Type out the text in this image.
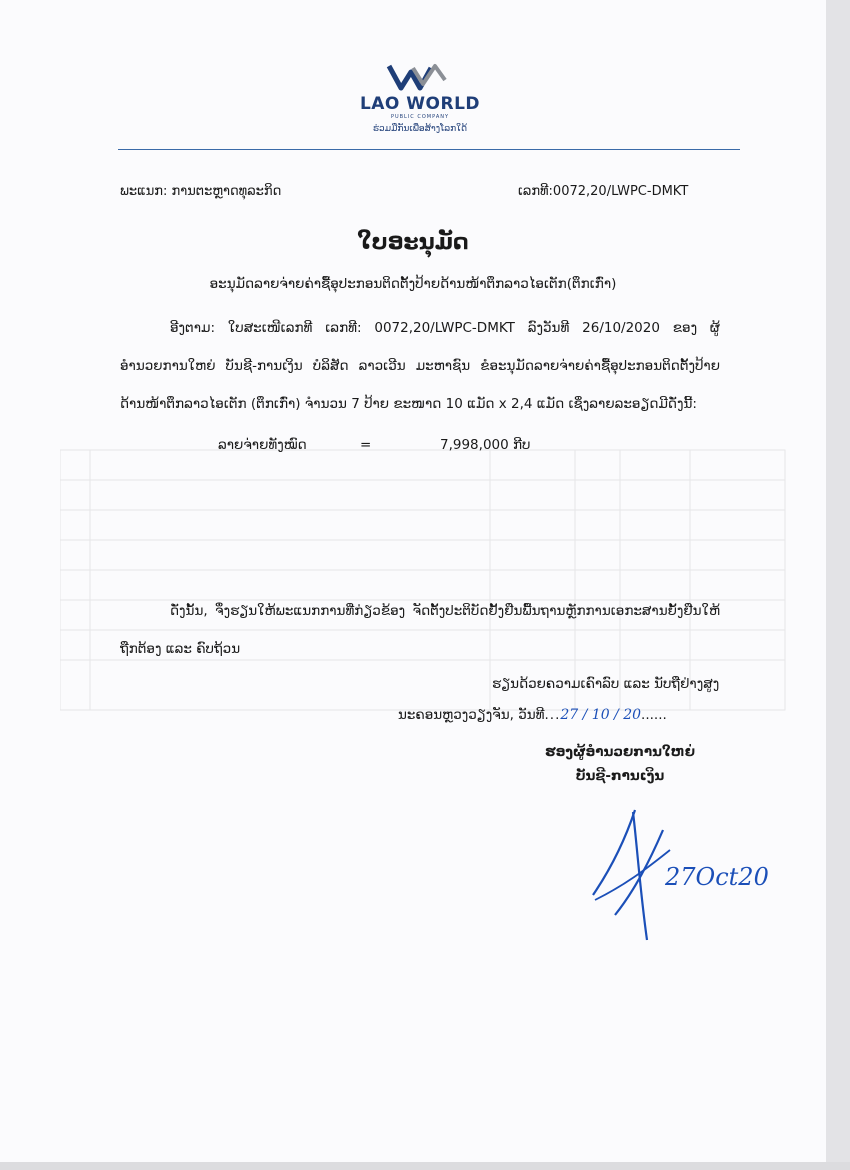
LAO WORLD
PUBLIC COMPANY
ຮ່ວມມືກັນເພື່ອສ້າງໂລກໃດ້
ພະແນກ: ການຕະຫຼາດທຸລະກິດ	ເລກທີ:0072,20/LWPC-DMKT
ໃບອະນຸມັດ
ອະນຸມັດລາຍຈ່າຍຄ່າຊື້ອຸປະກອນຕິດຕັ້ງປ້າຍດ້ານໜ້າຕຶກລາວໄອເຕັກ(ຕຶກເກົ່າ)
ອີງຕາມ: ໃບສະເໜີເລກທີ ເລກທີ: 0072,20/LWPC-DMKT ລົງວັນທີ 26/10/2020 ຂອງ ຜູ້ອຳນວຍການໃຫຍ່ ບັນຊີ-ການເງິນ ບໍລິສັດ ລາວເວີນ ມະຫາຊົນ ຂໍອະນຸມັດລາຍຈ່າຍຄ່າຊື້ອຸປະກອນຕິດຕັ້ງປ້າຍ ດ້ານໜ້າຕຶກລາວໄອເຕັກ (ຕຶກເກົ່າ) ຈໍານວນ 7 ປ້າຍ ຂະໜາດ 10 ແມັດ x 2,4 ແມັດ ເຊິ່ງລາຍລະອຽດມີດັ່ງນີ້:
ລາຍຈ່າຍທັງໝົດ	=	7,998,000 ກີບ
ດັ່ງນັ້ນ, ຈຶ່ງຮຽນໃຫ້ພະແນກການທີ່ກ່ຽວຂ້ອງ ຈັດຕັ້ງປະຕິບັດຢັ້ງຢືນພື້ນຖານຫຼັກການເອກະສານຍັ້ງຢືນໃຫ້ ຖືກຕ້ອງ ແລະ ຄົບຖ້ວນ
ຮຽນດ້ວຍຄວາມເຄົາລົບ ແລະ ນັບຖືຢ່າງສູງ
ນະຄອນຫຼວງວຽງຈັນ, ວັນທີ...27 / 10 / 20......
ຮອງຜູ້ອຳນວຍການໃຫຍ່
ບັນຊີ-ການເງິນ
27Oct20
